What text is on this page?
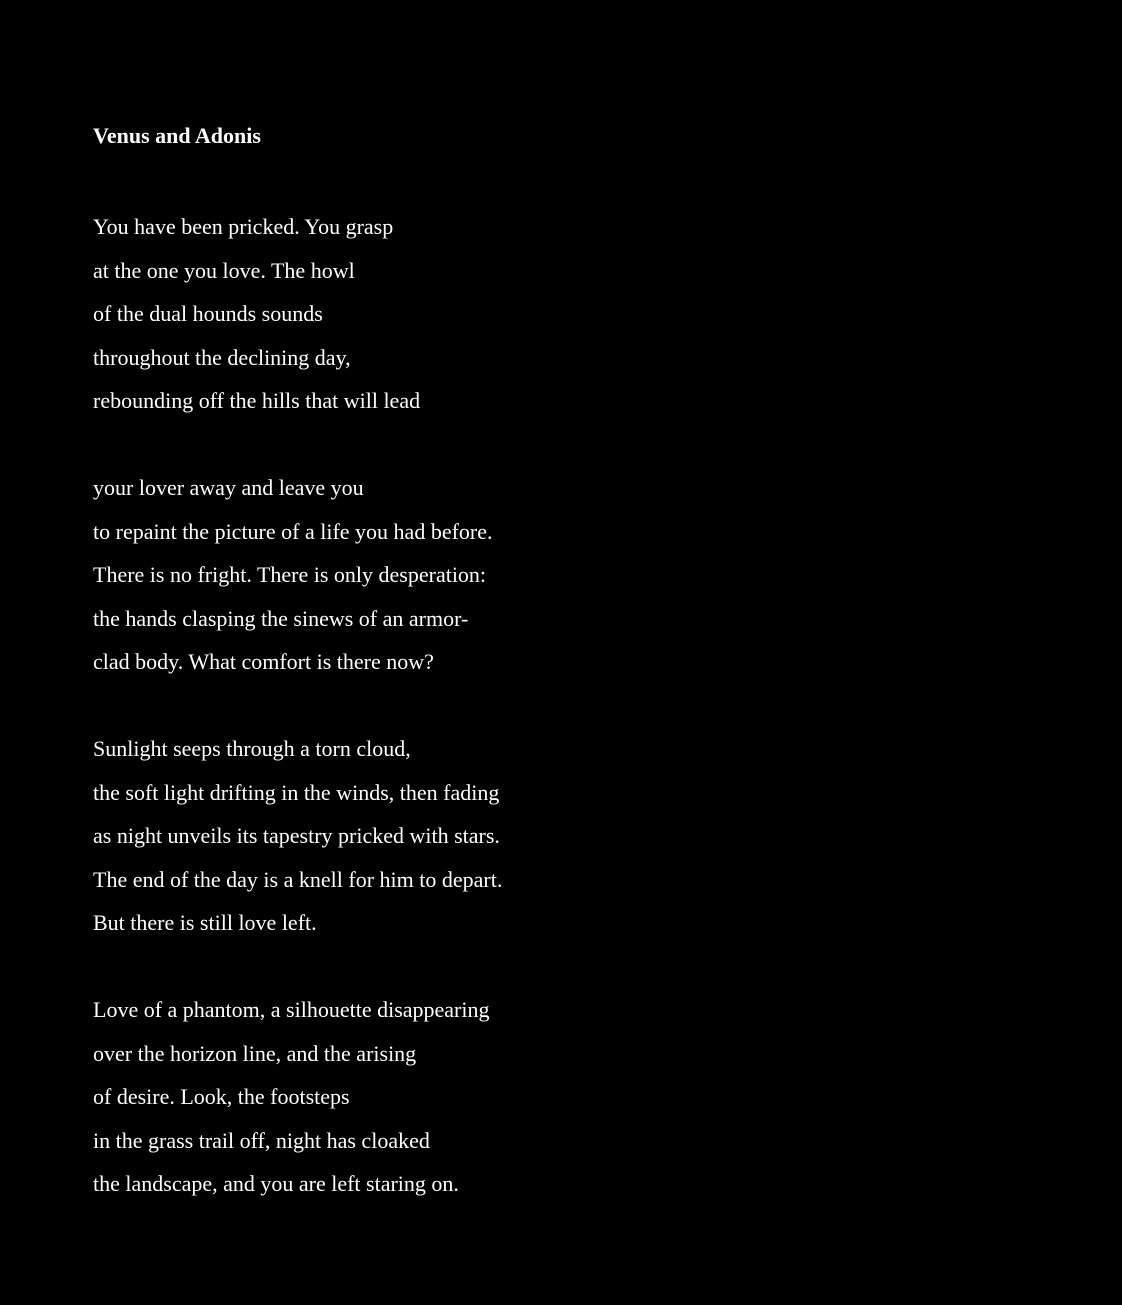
Venus and Adonis
You have been pricked. You grasp
at the one you love. The howl
of the dual hounds sounds
throughout the declining day,
rebounding off the hills that will lead
your lover away and leave you
to repaint the picture of a life you had before.
There is no fright. There is only desperation:
the hands clasping the sinews of an armor-
clad body. What comfort is there now?
Sunlight seeps through a torn cloud,
the soft light drifting in the winds, then fading
as night unveils its tapestry pricked with stars.
The end of the day is a knell for him to depart.
But there is still love left.
Love of a phantom, a silhouette disappearing
over the horizon line, and the arising
of desire. Look, the footsteps
in the grass trail off, night has cloaked
the landscape, and you are left staring on.
